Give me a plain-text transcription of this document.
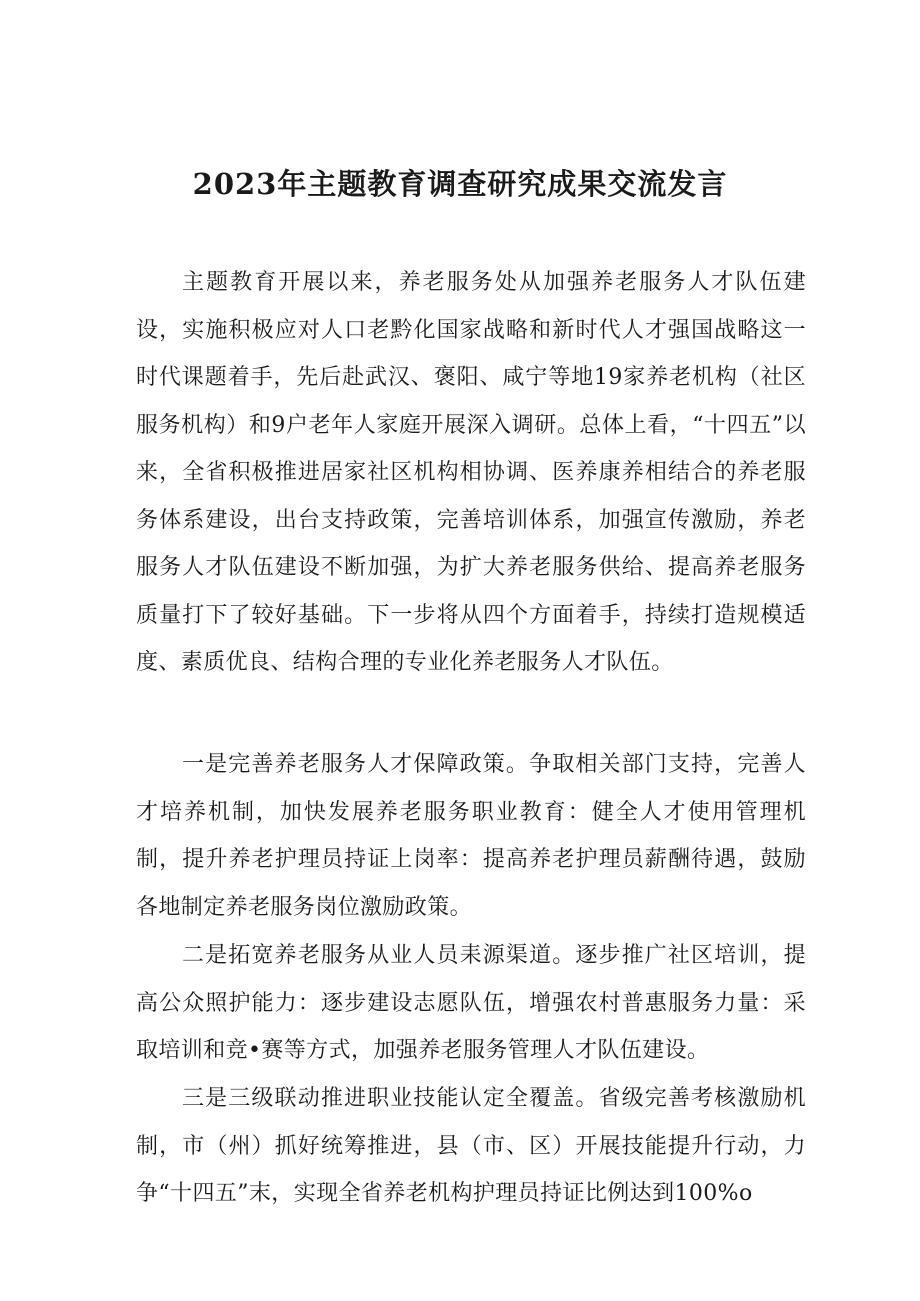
2023年主题教育调查研究成果交流发言

主题教育开展以来，养老服务处从加强养老服务人才队伍建设，实施积极应对人口老黔化国家战略和新时代人才强国战略这一时代课题着手，先后赴武汉、褒阳、咸宁等地19家养老机构（社区服务机构）和9户老年人家庭开展深入调研。总体上看，“十四五”以来，全省积极推进居家社区机构相协调、医养康养相结合的养老服务体系建设，出台支持政策，完善培训体系，加强宣传激励，养老服务人才队伍建设不断加强，为扩大养老服务供给、提高养老服务质量打下了较好基础。下一步将从四个方面着手，持续打造规模适度、素质优良、结构合理的专业化养老服务人才队伍。

一是完善养老服务人才保障政策。争取相关部门支持，完善人才培养机制，加快发展养老服务职业教育：健全人才使用管理机制，提升养老护理员持证上岗率：提高养老护理员薪酬待遇，鼓励各地制定养老服务岗位激励政策。

二是拓宽养老服务从业人员耒源渠道。逐步推广社区培训，提高公众照护能力：逐步建设志愿队伍，增强农村普惠服务力量：采取培训和竞•赛等方式，加强养老服务管理人才队伍建设。

三是三级联动推进职业技能认定全覆盖。省级完善考核激励机制，市（州）抓好统筹推进，县（市、区）开展技能提升行动，力争“十四五”末，实现全省养老机构护理员持证比例达到100%o
